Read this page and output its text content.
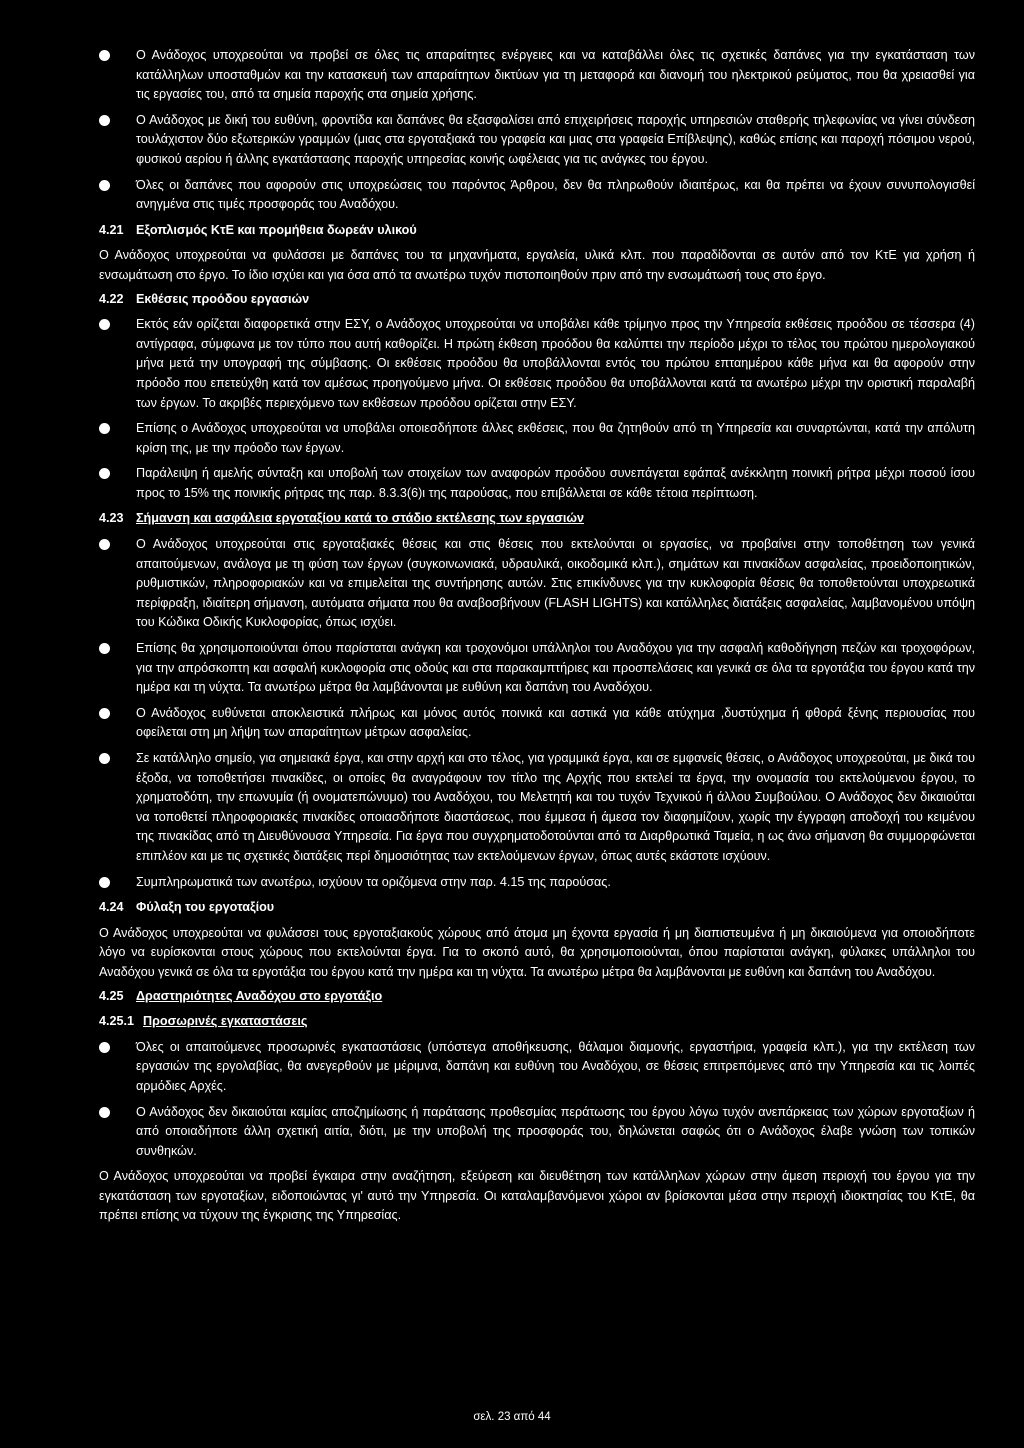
Ο Ανάδοχος υποχρεούται να προβεί σε όλες τις απαραίτητες ενέργειες και να καταβάλλει όλες τις σχετικές δαπάνες για την εγκατάσταση των κατάλληλων υποσταθμών και την κατασκευή των απαραίτητων δικτύων για τη μεταφορά και διανομή του ηλεκτρικού ρεύματος, που θα χρειασθεί για τις εργασίες του, από τα σημεία παροχής στα σημεία χρήσης.
Ο Ανάδοχος με δική του ευθύνη, φροντίδα και δαπάνες θα εξασφαλίσει από επιχειρήσεις παροχής υπηρεσιών σταθερής τηλεφωνίας να γίνει σύνδεση τουλάχιστον δύο εξωτερικών γραμμών (μιας στα εργοταξιακά του γραφεία και μιας στα γραφεία Επίβλεψης), καθώς επίσης και παροχή πόσιμου νερού, φυσικού αερίου ή άλλης εγκατάστασης παροχής υπηρεσίας κοινής ωφέλειας για τις ανάγκες του έργου.
Όλες οι δαπάνες που αφορούν στις υποχρεώσεις του παρόντος Άρθρου, δεν θα πληρωθούν ιδιαιτέρως, και θα πρέπει να έχουν συνυπολογισθεί ανηγμένα στις τιμές προσφοράς του Αναδόχου.
4.21 Εξοπλισμός ΚτΕ και προμήθεια δωρεάν υλικού
Ο Ανάδοχος υποχρεούται να φυλάσσει με δαπάνες του τα μηχανήματα, εργαλεία, υλικά κλπ. που παραδίδονται σε αυτόν από τον ΚτΕ για χρήση ή ενσωμάτωση στο έργο. Το ίδιο ισχύει και για όσα από τα ανωτέρω τυχόν πιστοποιηθούν πριν από την ενσωμάτωσή τους στο έργο.
4.22 Εκθέσεις προόδου εργασιών
Εκτός εάν ορίζεται διαφορετικά στην ΕΣΥ, ο Ανάδοχος υποχρεούται να υποβάλει κάθε τρίμηνο προς την Υπηρεσία εκθέσεις προόδου σε τέσσερα (4) αντίγραφα, σύμφωνα με τον τύπο που αυτή καθορίζει. Η πρώτη έκθεση προόδου θα καλύπτει την περίοδο μέχρι το τέλος του πρώτου ημερολογιακού μήνα μετά την υπογραφή της σύμβασης. Οι εκθέσεις προόδου θα υποβάλλονται εντός του πρώτου επταημέρου κάθε μήνα και θα αφορούν στην πρόοδο που επετεύχθη κατά τον αμέσως προηγούμενο μήνα. Οι εκθέσεις προόδου θα υποβάλλονται κατά τα ανωτέρω μέχρι την οριστική παραλαβή των έργων. Το ακριβές περιεχόμενο των εκθέσεων προόδου ορίζεται στην ΕΣΥ.
Επίσης ο Ανάδοχος υποχρεούται να υποβάλει οποιεσδήποτε άλλες εκθέσεις, που θα ζητηθούν από τη Υπηρεσία και συναρτώνται, κατά την απόλυτη κρίση της, με την πρόοδο των έργων.
Παράλειψη ή αμελής σύνταξη και υποβολή των στοιχείων των αναφορών προόδου συνεπάγεται εφάπαξ ανέκκλητη ποινική ρήτρα μέχρι ποσού ίσου προς το 15% της ποινικής ρήτρας της παρ. 8.3.3(6)ι της παρούσας, που επιβάλλεται σε κάθε τέτοια περίπτωση.
4.23 Σήμανση και ασφάλεια εργοταξίου κατά το στάδιο εκτέλεσης των εργασιών
Ο Ανάδοχος υποχρεούται στις εργοταξιακές θέσεις και στις θέσεις που εκτελούνται οι εργασίες, να προβαίνει στην τοποθέτηση των γενικά απαιτούμενων, ανάλογα με τη φύση των έργων (συγκοινωνιακά, υδραυλικά, οικοδομικά κλπ.), σημάτων και πινακίδων ασφαλείας, προειδοποιητικών, ρυθμιστικών, πληροφοριακών και να επιμελείται της συντήρησης αυτών. Στις επικίνδυνες για την κυκλοφορία θέσεις θα τοποθετούνται υποχρεωτικά περίφραξη, ιδιαίτερη σήμανση, αυτόματα σήματα που θα αναβοσβήνουν (FLASH LIGHTS) και κατάλληλες διατάξεις ασφαλείας, λαμβανομένου υπόψη του Κώδικα Οδικής Κυκλοφορίας, όπως ισχύει.
Επίσης θα χρησιμοποιούνται όπου παρίσταται ανάγκη και τροχονόμοι υπάλληλοι του Αναδόχου για την ασφαλή καθοδήγηση πεζών και τροχοφόρων, για την απρόσκοπτη και ασφαλή κυκλοφορία στις οδούς και στα παρακαμπτήριες και προσπελάσεις και γενικά σε όλα τα εργοτάξια του έργου κατά την ημέρα και τη νύχτα. Τα ανωτέρω μέτρα θα λαμβάνονται με ευθύνη και δαπάνη του Αναδόχου.
Ο Ανάδοχος ευθύνεται αποκλειστικά πλήρως και μόνος αυτός ποινικά και αστικά για κάθε ατύχημα ,δυστύχημα ή φθορά ξένης περιουσίας που οφείλεται στη μη λήψη των απαραίτητων μέτρων ασφαλείας.
Σε κατάλληλο σημείο, για σημειακά έργα, και στην αρχή και στο τέλος, για γραμμικά έργα, και σε εμφανείς θέσεις, ο Ανάδοχος υποχρεούται, με δικά του έξοδα, να τοποθετήσει πινακίδες, οι οποίες θα αναγράφουν τον τίτλο της Αρχής που εκτελεί τα έργα, την ονομασία του εκτελούμενου έργου, το χρηματοδότη, την επωνυμία (ή ονοματεπώνυμο) του Αναδόχου, του Μελετητή και του τυχόν Τεχνικού ή άλλου Συμβούλου. Ο Ανάδοχος δεν δικαιούται να τοποθετεί πληροφοριακές πινακίδες οποιασδήποτε διαστάσεως, που έμμεσα ή άμεσα τον διαφημίζουν, χωρίς την έγγραφη αποδοχή του κειμένου της πινακίδας από τη Διευθύνουσα Υπηρεσία. Για έργα που συγχρηματοδοτούνται από τα Διαρθρωτικά Ταμεία, η ως άνω σήμανση θα συμμορφώνεται επιπλέον και με τις σχετικές διατάξεις περί δημοσιότητας των εκτελούμενων έργων, όπως αυτές εκάστοτε ισχύουν.
Συμπληρωματικά των ανωτέρω, ισχύουν τα οριζόμενα στην παρ. 4.15 της παρούσας.
4.24 Φύλαξη του εργοταξίου
Ο Ανάδοχος υποχρεούται να φυλάσσει τους εργοταξιακούς χώρους από άτομα μη έχοντα εργασία ή μη διαπιστευμένα ή μη δικαιούμενα για οποιοδήποτε λόγο να ευρίσκονται στους χώρους που εκτελούνται έργα. Για το σκοπό αυτό, θα χρησιμοποιούνται, όπου παρίσταται ανάγκη, φύλακες υπάλληλοι του Αναδόχου γενικά σε όλα τα εργοτάξια του έργου κατά την ημέρα και τη νύχτα. Τα ανωτέρω μέτρα θα λαμβάνονται με ευθύνη και δαπάνη του Αναδόχου.
4.25 Δραστηριότητες Αναδόχου στο εργοτάξιο
4.25.1 Προσωρινές εγκαταστάσεις
Όλες οι απαιτούμενες προσωρινές εγκαταστάσεις (υπόστεγα αποθήκευσης, θάλαμοι διαμονής, εργαστήρια, γραφεία κλπ.), για την εκτέλεση των εργασιών της εργολαβίας, θα ανεγερθούν με μέριμνα, δαπάνη και ευθύνη του Αναδόχου, σε θέσεις επιτρεπόμενες από την Υπηρεσία και τις λοιπές αρμόδιες Αρχές.
Ο Ανάδοχος δεν δικαιούται καμίας αποζημίωσης ή παράτασης προθεσμίας περάτωσης του έργου λόγω τυχόν ανεπάρκειας των χώρων εργοταξίων ή από οποιαδήποτε άλλη σχετική αιτία, διότι, με την υποβολή της προσφοράς του, δηλώνεται σαφώς ότι ο Ανάδοχος έλαβε γνώση των τοπικών συνθηκών.
Ο Ανάδοχος υποχρεούται να προβεί έγκαιρα στην αναζήτηση, εξεύρεση και διευθέτηση των κατάλληλων χώρων στην άμεση περιοχή του έργου για την εγκατάσταση των εργοταξίων, ειδοποιώντας γι' αυτό την Υπηρεσία. Οι καταλαμβανόμενοι χώροι αν βρίσκονται μέσα στην περιοχή ιδιοκτησίας του ΚτΕ, θα πρέπει επίσης να τύχουν της έγκρισης της Υπηρεσίας.
σελ. 23 από 44
